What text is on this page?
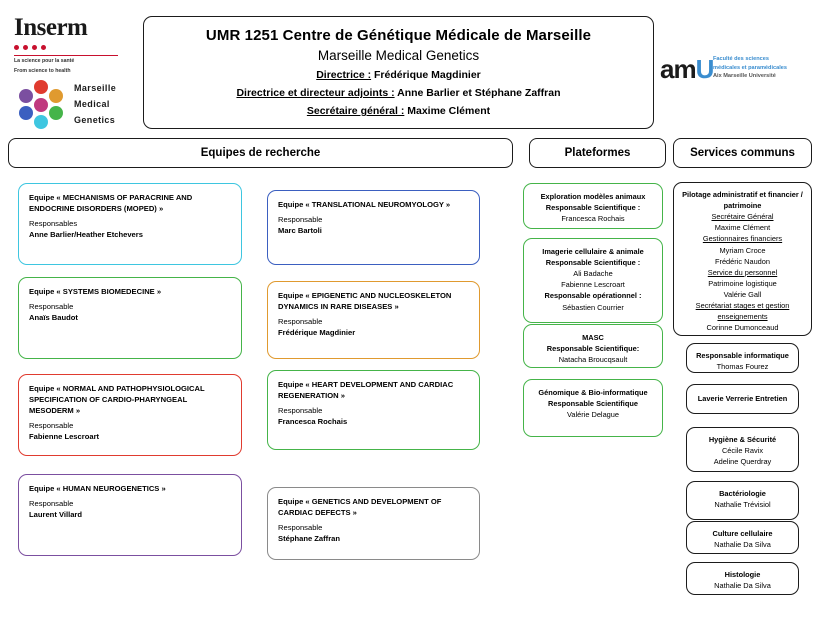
Inserm
La science pour la santé
From science to health
Marseille
Medical
Genetics
UMR 1251 Centre de Génétique Médicale de Marseille
Marseille Medical Genetics
Directrice : Frédérique Magdinier
Directrice et directeur adjoints : Anne Barlier et Stéphane Zaffran
Secrétaire général : Maxime Clément
amU Faculté des sciences
médicales et paramédicales
Aix Marseille Université
Equipes de recherche	Plateformes	Services communs
Equipe « MECHANISMS OF PARACRINE AND ENDOCRINE DISORDERS (MOPED) »
Responsables
Anne Barlier/Heather Etchevers
Equipe « SYSTEMS BIOMEDECINE »
Responsable
Anaïs Baudot
Equipe « NORMAL AND PATHOPHYSIOLOGICAL SPECIFICATION OF CARDIO-PHARYNGEAL MESODERM »
Responsable
Fabienne Lescroart
Equipe « HUMAN NEUROGENETICS »
Responsable
Laurent Villard
Equipe « TRANSLATIONAL NEUROMYOLOGY »
Responsable
Marc Bartoli
Equipe « EPIGENETIC AND NUCLEOSKELETON DYNAMICS IN RARE DISEASES »
Responsable
Frédérique Magdinier
Equipe « HEART DEVELOPMENT AND CARDIAC REGENERATION »
Responsable
Francesca Rochais
Equipe « GENETICS AND DEVELOPMENT OF CARDIAC DEFECTS »
Responsable
Stéphane Zaffran
Exploration modèles animaux
Responsable Scientifique :
Francesca Rochais
Imagerie cellulaire & animale
Responsable Scientifique :
Ali Badache
Fabienne Lescroart
Responsable opérationnel :
Sébastien Courrier
MASC
Responsable Scientifique:
Natacha Broucqsault
Génomique & Bio-informatique
Responsable Scientifique
Valérie Delague
Pilotage administratif et financier / patrimoine
Secrétaire Général
Maxime Clément
Gestionnaires financiers
Myriam Croce
Frédéric Naudon
Service du personnel
Patrimoine logistique
Valérie Gall
Secrétariat stages et gestion enseignements
Corinne Dumonceaud
Responsable informatique
Thomas Fourez
Laverie Verrerie Entretien
Hygiène & Sécurité
Cécile Ravix
Adeline Querdray
Bactériologie
Nathalie Trévisiol
Culture cellulaire
Nathalie Da Silva
Histologie
Nathalie Da Silva
